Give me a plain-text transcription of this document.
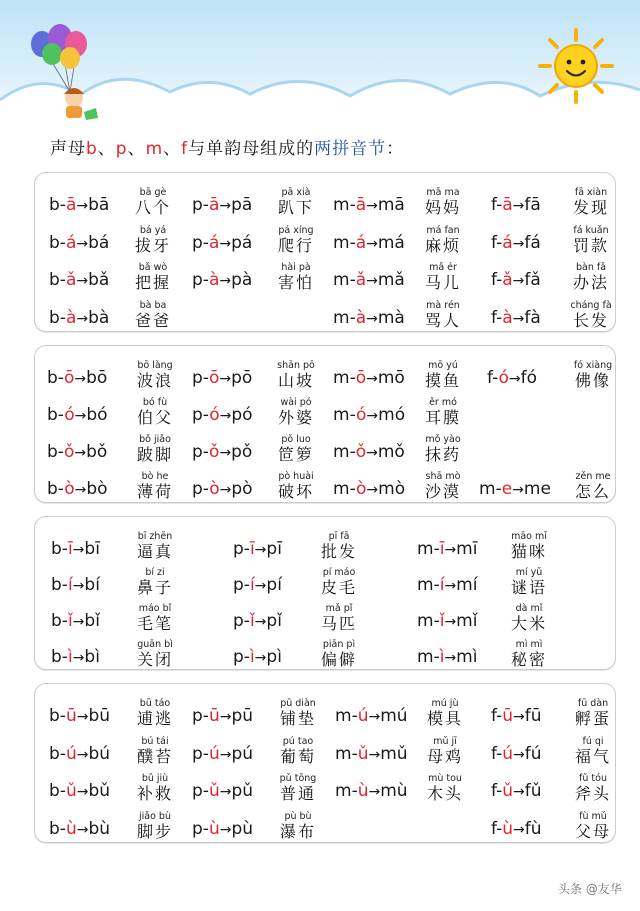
声母b、p、m、f与单韵母组成的两拼音节：
b-ā→bā
bā gè
八个
b-á→bá
bá yá
拔牙
b-ǎ→bǎ
bǎ wò
把握
b-à→bà
bà ba
爸爸
p-ā→pā
pā xià
趴下
p-á→pá
pá xíng
爬行
p-à→pà
hài pà
害怕
m-ā→mā
mā ma
妈妈
m-á→má
má fan
麻烦
m-ǎ→mǎ
mǎ ér
马儿
m-à→mà
mà rén
骂人
f-ā→fā
fā xiàn
发现
f-á→fá
fá kuǎn
罚款
f-ǎ→fǎ
bàn fǎ
办法
f-à→fà
cháng fà
长发
b-ō→bō
bō làng
波浪
b-ó→bó
bó fù
伯父
b-ǒ→bǒ
bǒ jiǎo
跛脚
b-ò→bò
bò he
薄荷
p-ō→pō
shān pō
山坡
p-ó→pó
wài pó
外婆
p-ǒ→pǒ
pǒ luo
笸箩
p-ò→pò
pò huài
破坏
m-ō→mō
mō yú
摸鱼
m-ó→mó
ěr mó
耳膜
m-ǒ→mǒ
mǒ yào
抹药
m-ò→mò
shā mò
沙漠
f-ó→fó
fó xiàng
佛像
m-e→me
zěn me
怎么
b-ī→bī
bī zhēn
逼真
b-í→bí
bí zi
鼻子
b-ǐ→bǐ
máo bǐ
毛笔
b-ì→bì
guān bì
关闭
p-ī→pī
pī fā
批发
p-í→pí
pí máo
皮毛
p-ǐ→pǐ
mǎ pǐ
马匹
p-ì→pì
piān pì
偏僻
m-ī→mī
māo mī
猫咪
m-í→mí
mí yǔ
谜语
m-ǐ→mǐ
dà mǐ
大米
m-ì→mì
mì mì
秘密
b-ū→bū
bū táo
逋逃
b-ú→bú
bú tái
醭苔
b-ǔ→bǔ
bǔ jiù
补救
b-ù→bù
jiǎo bù
脚步
p-ū→pū
pū diàn
铺垫
p-ú→pú
pú tao
葡萄
p-ǔ→pǔ
pǔ tōng
普通
p-ù→pù
pù bù
瀑布
m-ú→mú
mú jù
模具
m-ǔ→mǔ
mǔ jī
母鸡
m-ù→mù
mù tou
木头
f-ū→fū
fū dàn
孵蛋
f-ú→fú
fú qi
福气
f-ǔ→fǔ
fǔ tóu
斧头
f-ù→fù
fù mǔ
父母
头条 @友华
